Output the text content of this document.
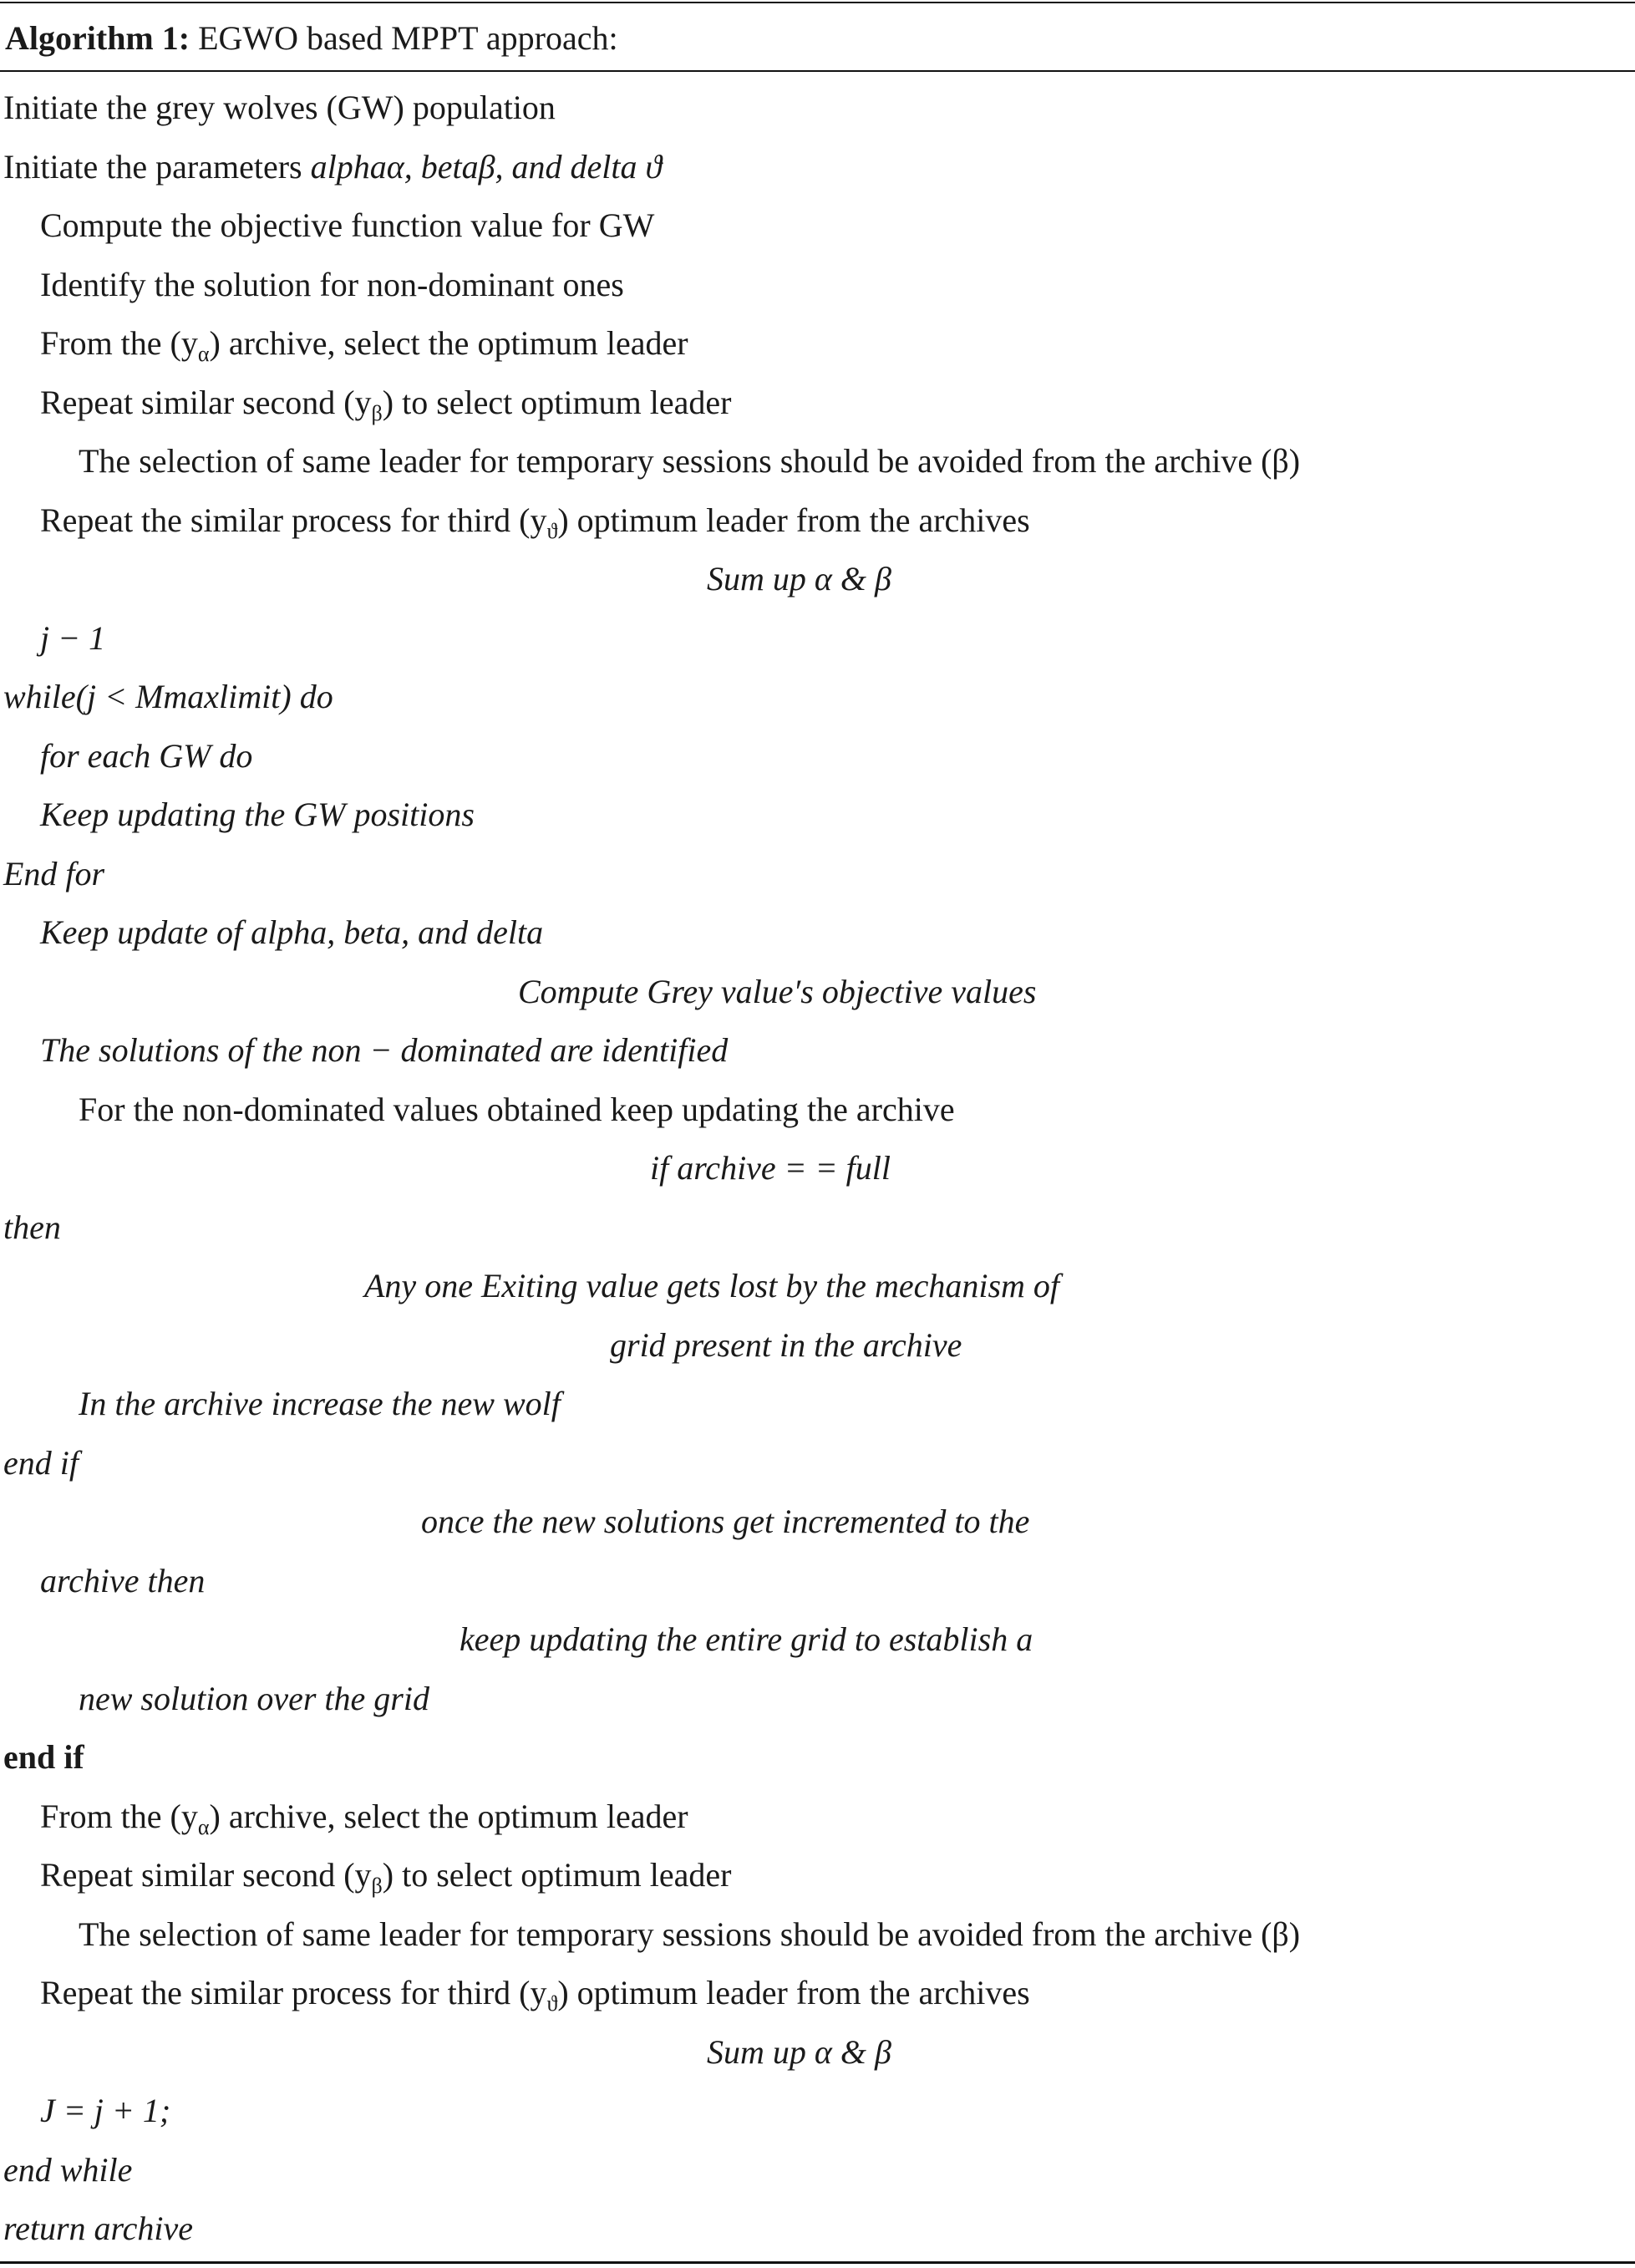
Algorithm 1: EGWO based MPPT approach:
Initiate the grey wolves (GW) population
Initiate the parameters alphaα, betaβ, and delta ϑ
Compute the objective function value for GW
Identify the solution for non-dominant ones
From the $(y_\alpha)$ archive, select the optimum leader
Repeat similar second $(y_\beta)$ to select optimum leader
The selection of same leader for temporary sessions should be avoided from the archive (β)
Repeat the similar process for third $(y_ϑ)$ optimum leader from the archives
Sum up α & β
j − 1
while(j < Mmaxlimit) do
for each GW do
Keep updating the GW positions
End for
Keep update of alpha, beta, and delta
Compute Grey value′s objective values
The solutions of the non − dominated are identified
For the non-dominated values obtained keep updating the archive
if archive = = full
then
Any one Exiting value gets lost by the mechanism of
grid present in the archive
In the archive increase the new wolf
end if
once the new solutions get incremented to the
archive then
keep updating the entire grid to establish a
new solution over the grid
end if
From the $(y_\alpha)$ archive, select the optimum leader
Repeat similar second $(y_\beta)$ to select optimum leader
The selection of same leader for temporary sessions should be avoided from the archive (β)
Repeat the similar process for third $(y_ϑ)$ optimum leader from the archives
Sum up α & β
J = j + 1;
end while
return archive
